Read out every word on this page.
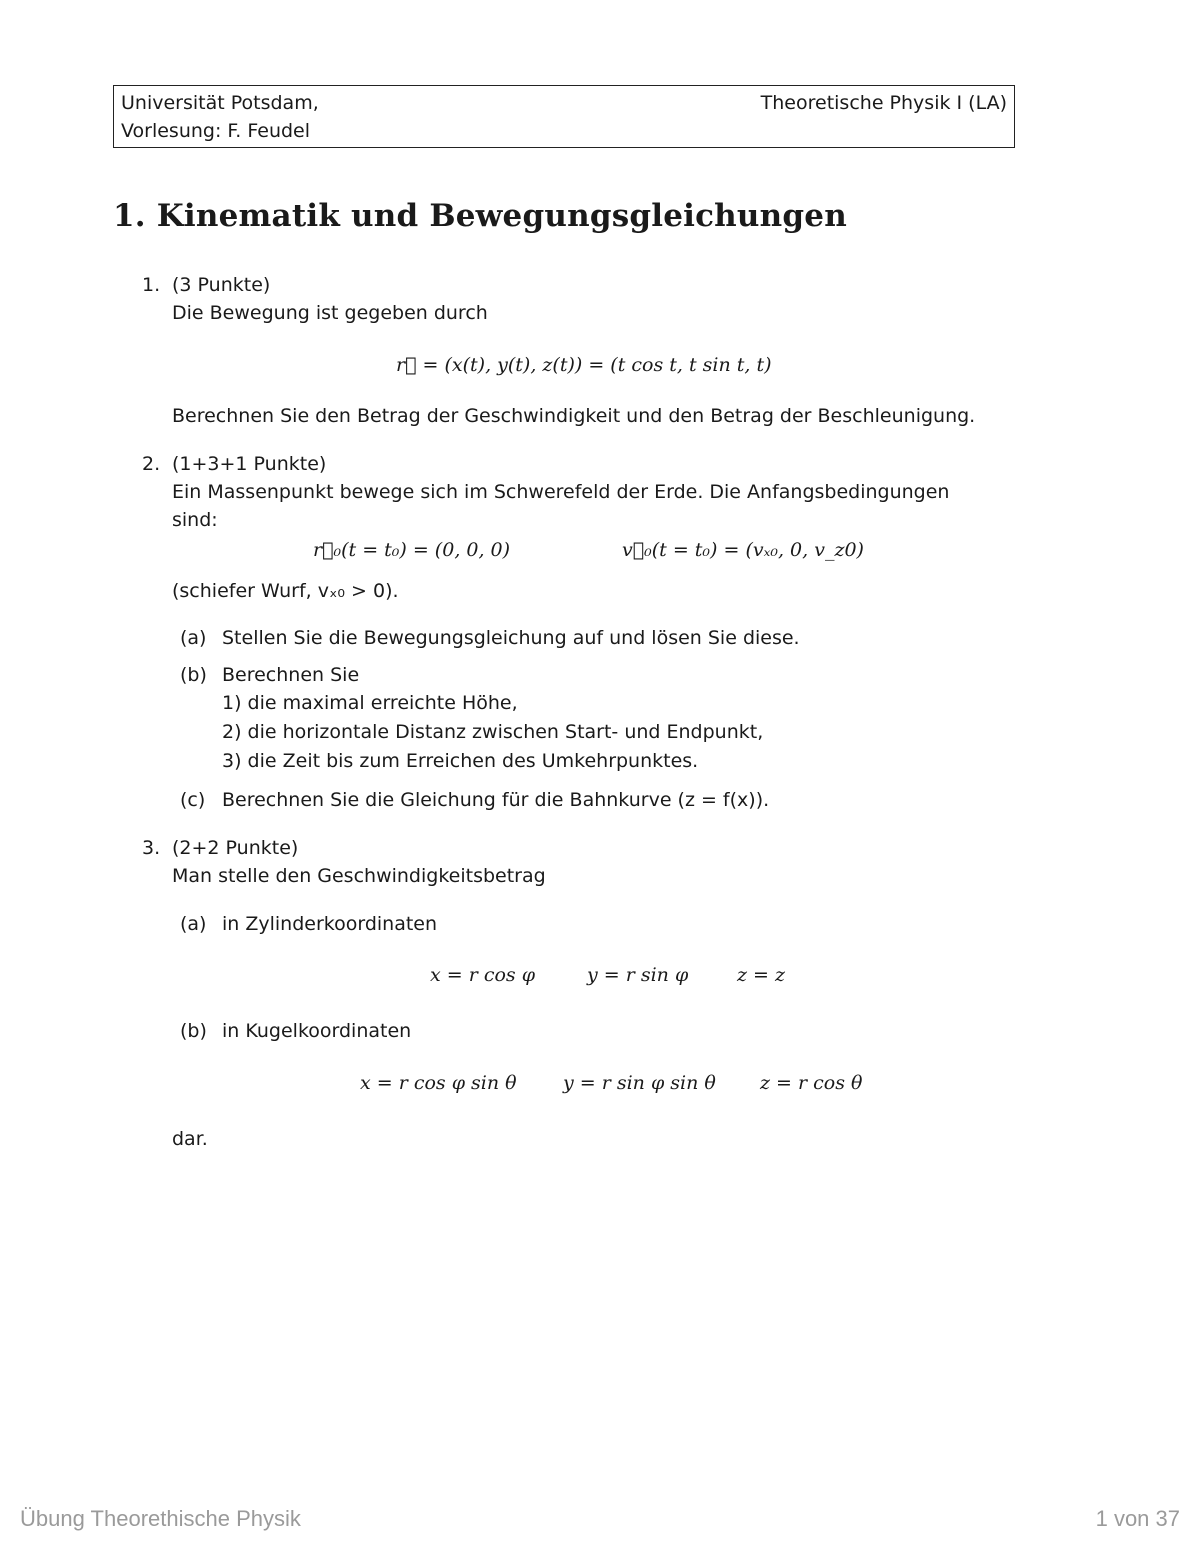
Universität Potsdam,	Theoretische Physik I (LA)
Vorlesung: F. Feudel
1. Kinematik und Bewegungsgleichungen
1. (3 Punkte)
Die Bewegung ist gegeben durch
r⃗ = (x(t), y(t), z(t)) = (t cos t, t sin t, t)
Berechnen Sie den Betrag der Geschwindigkeit und den Betrag der Beschleunigung.
2. (1+3+1 Punkte)
Ein Massenpunkt bewege sich im Schwerefeld der Erde. Die Anfangsbedingungen
sind:
r⃗₀(t = t₀) = (0, 0, 0)	v⃗₀(t = t₀) = (vₓ₀, 0, v_z0)
(schiefer Wurf, vₓ₀ > 0).
(a) Stellen Sie die Bewegungsgleichung auf und lösen Sie diese.
(b) Berechnen Sie
1) die maximal erreichte Höhe,
2) die horizontale Distanz zwischen Start- und Endpunkt,
3) die Zeit bis zum Erreichen des Umkehrpunktes.
(c) Berechnen Sie die Gleichung für die Bahnkurve (z = f(x)).
3. (2+2 Punkte)
Man stelle den Geschwindigkeitsbetrag
(a) in Zylinderkoordinaten
x = r cos φ	y = r sin φ	z = z
(b) in Kugelkoordinaten
x = r cos φ sin θ y = r sin φ sin θ z = r cos θ
dar.
Übung Theorethische Physik	1 von 37
